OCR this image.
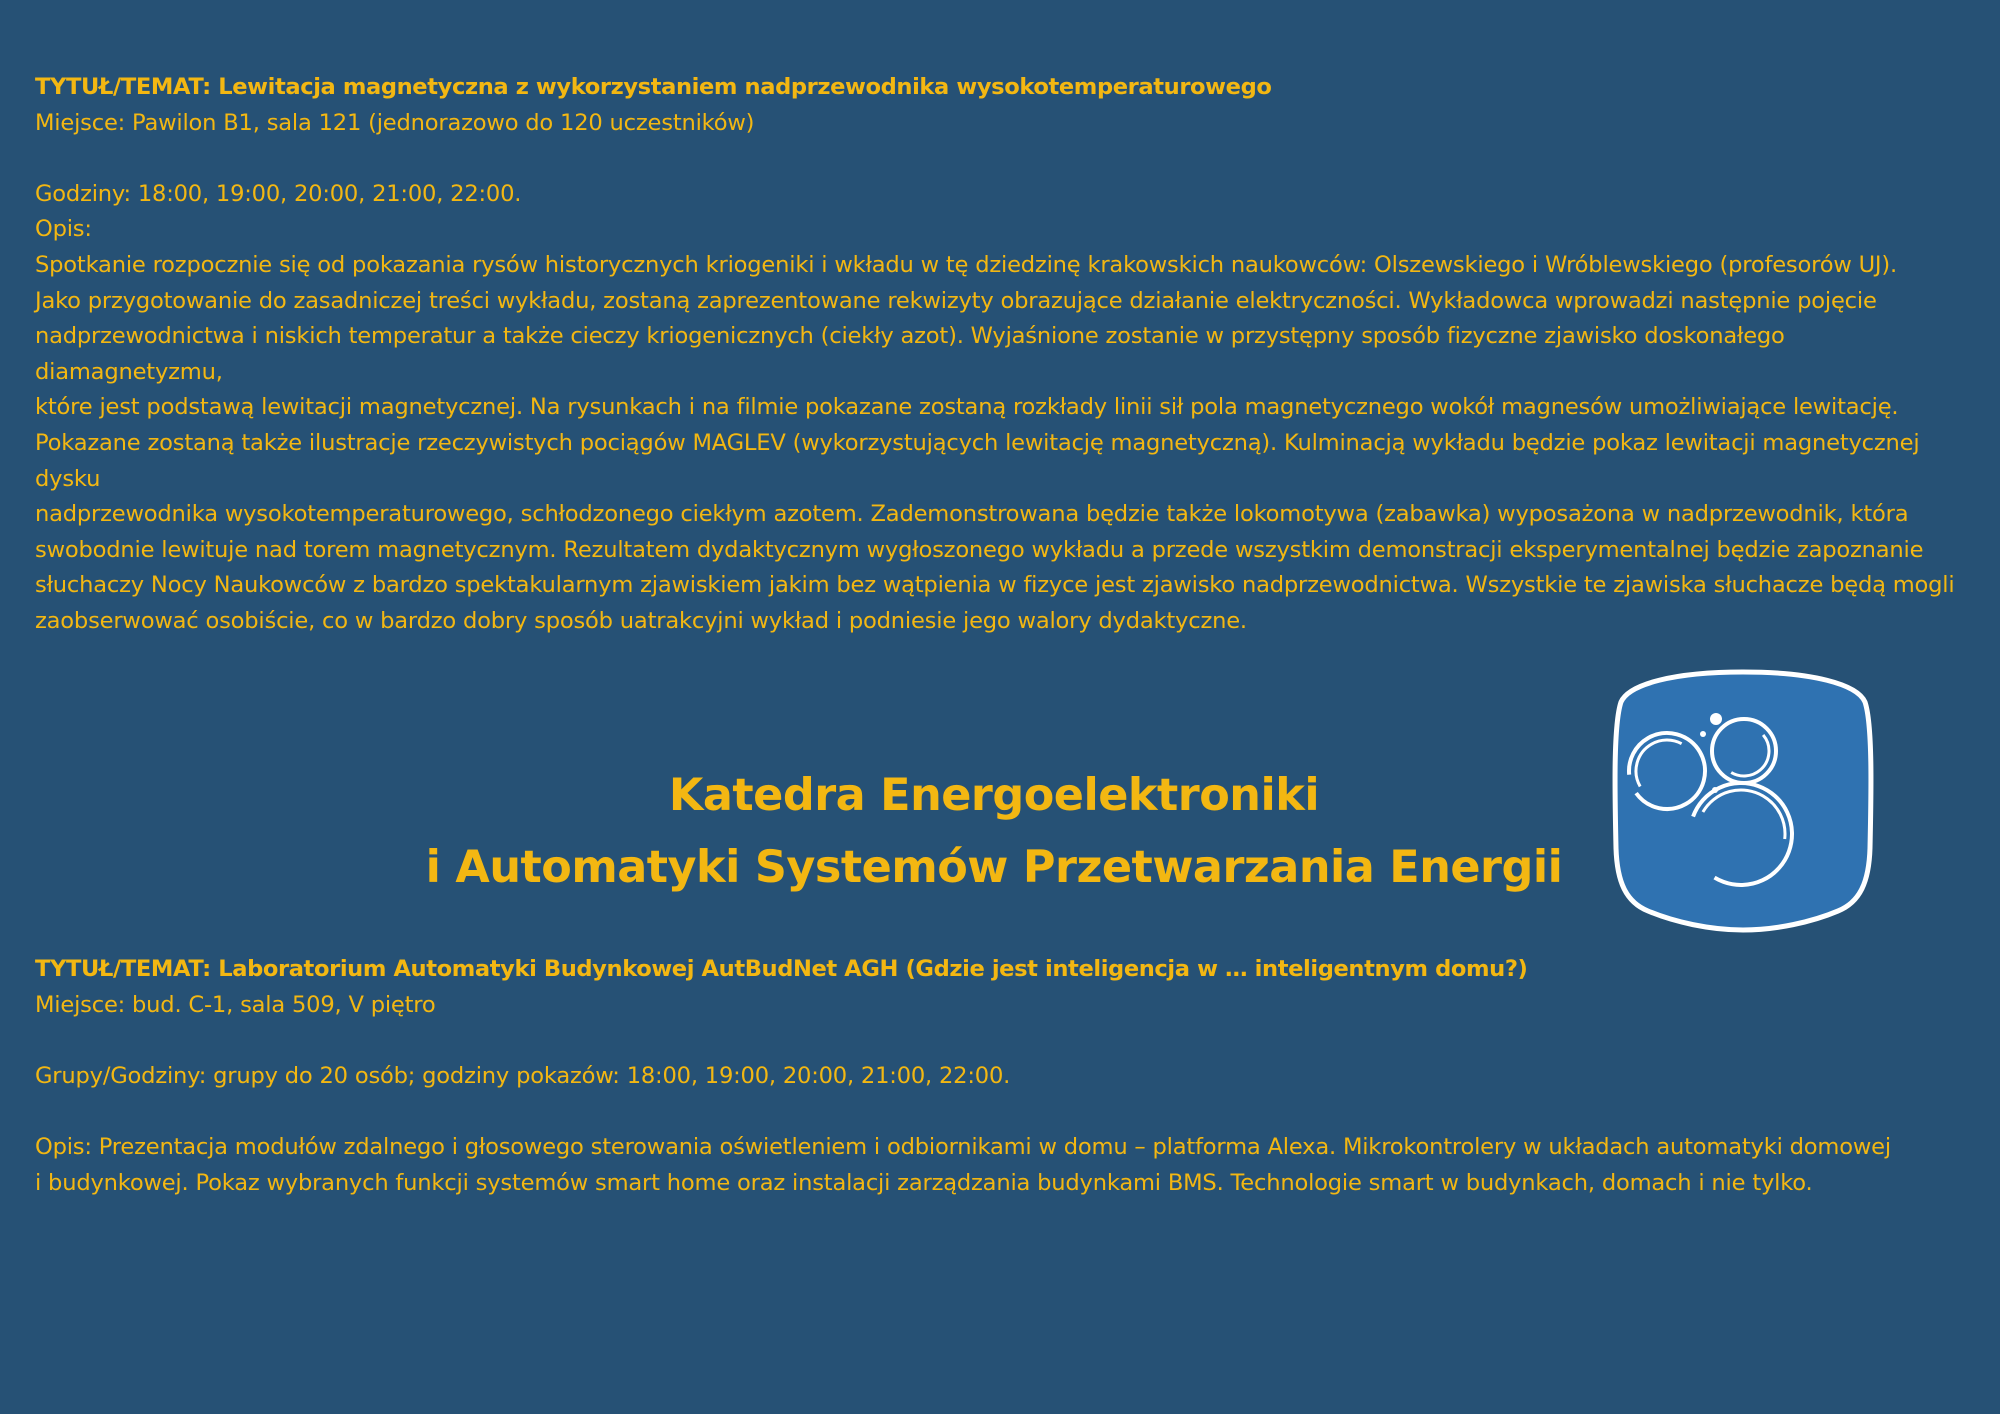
TYTUŁ/TEMAT: Lewitacja magnetyczna z wykorzystaniem nadprzewodnika wysokotemperaturowego

Miejsce: Pawilon B1, sala 121 (jednorazowo do 120 uczestników)

Godziny: 18:00, 19:00, 20:00, 21:00, 22:00.

Opis:

Spotkanie rozpocznie się od pokazania rysów historycznych kriogeniki i wkładu w tę dziedzinę krakowskich naukowców: Olszewskiego i Wróblewskiego (profesorów UJ).

Jako przygotowanie do zasadniczej treści wykładu, zostaną zaprezentowane rekwizyty obrazujące działanie elektryczności. Wykładowca wprowadzi następnie pojęcie

nadprzewodnictwa i niskich temperatur a także cieczy kriogenicznych (ciekły azot). Wyjaśnione zostanie w przystępny sposób fizyczne zjawisko doskonałego diamagnetyzmu,

które jest podstawą lewitacji magnetycznej. Na rysunkach i na filmie pokazane zostaną rozkłady linii sił pola magnetycznego wokół magnesów umożliwiające lewitację.

Pokazane zostaną także ilustracje rzeczywistych pociągów MAGLEV (wykorzystujących lewitację magnetyczną). Kulminacją wykładu będzie pokaz lewitacji magnetycznej dysku

nadprzewodnika wysokotemperaturowego, schłodzonego ciekłym azotem. Zademonstrowana będzie także lokomotywa (zabawka) wyposażona w nadprzewodnik, która

swobodnie lewituje nad torem magnetycznym. Rezultatem dydaktycznym wygłoszonego wykładu a przede wszystkim demonstracji eksperymentalnej będzie zapoznanie

słuchaczy Nocy Naukowców z bardzo spektakularnym zjawiskiem jakim bez wątpienia w fizyce jest zjawisko nadprzewodnictwa. Wszystkie te zjawiska słuchacze będą mogli

zaobserwować osobiście, co w bardzo dobry sposób uatrakcyjni wykład i podniesie jego walory dydaktyczne.

Katedra Energoelektroniki

i Automatyki Systemów Przetwarzania Energii

TYTUŁ/TEMAT: Laboratorium Automatyki Budynkowej AutBudNet AGH (Gdzie jest inteligencja w … inteligentnym domu?)

Miejsce: bud. C-1, sala 509, V piętro

Grupy/Godziny: grupy do 20 osób; godziny pokazów: 18:00, 19:00, 20:00, 21:00, 22:00.

Opis: Prezentacja modułów zdalnego i głosowego sterowania oświetleniem i odbiornikami w domu – platforma Alexa. Mikrokontrolery w układach automatyki domowej

i budynkowej. Pokaz wybranych funkcji systemów smart home oraz instalacji zarządzania budynkami BMS. Technologie smart w budynkach, domach i nie tylko.
